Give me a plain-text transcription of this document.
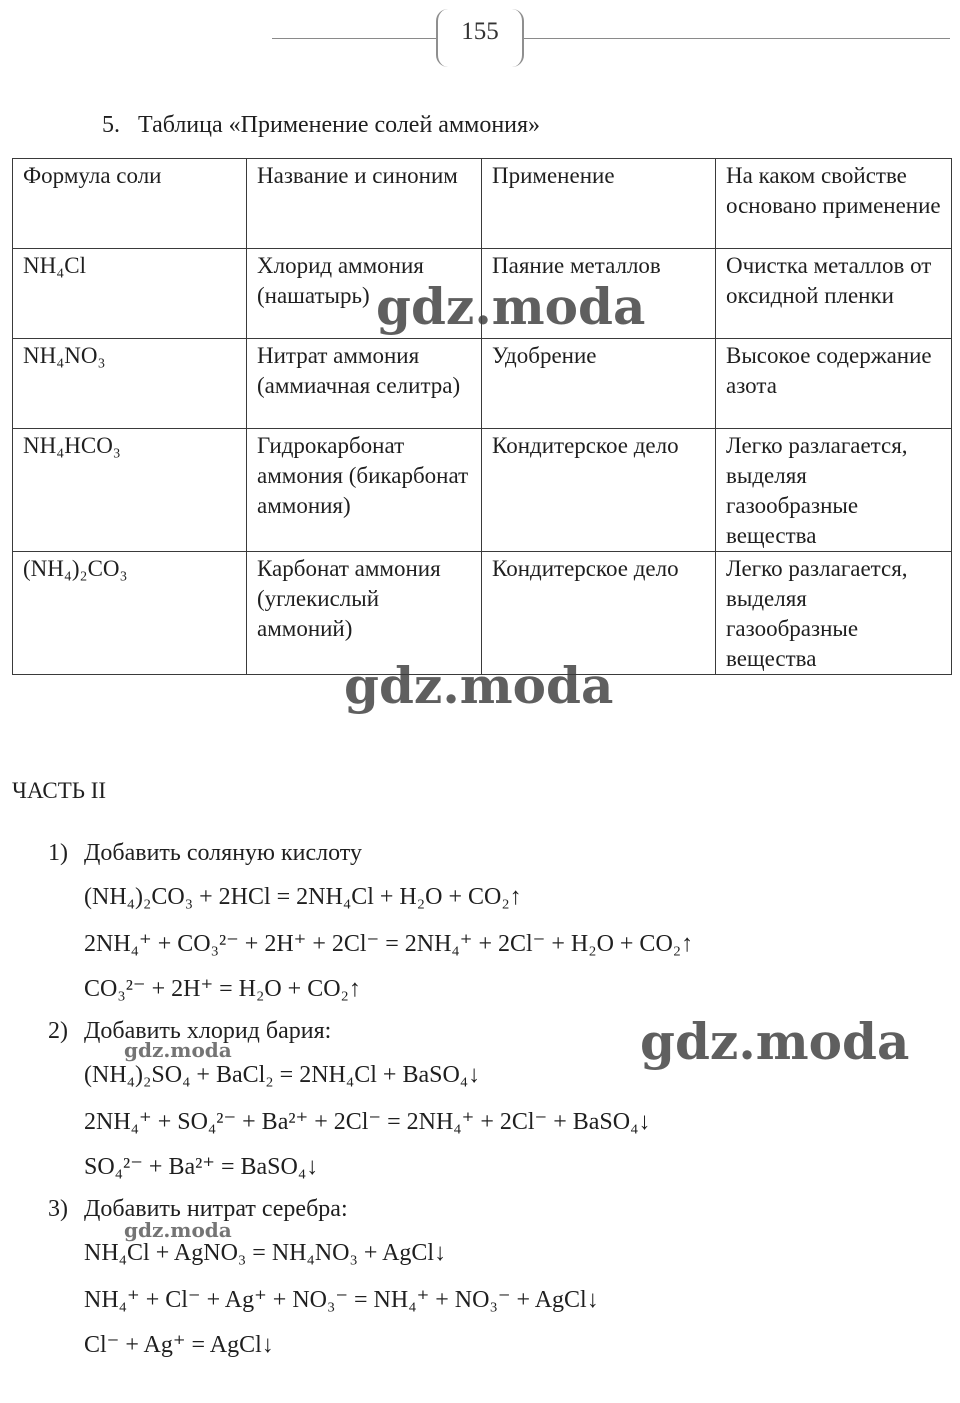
155
5. Таблица «Применение солей аммония»
Формула соли	Название и синоним	Применение	На каком свойстве основано применение
NH₄Cl	Хлорид аммония (нашатырь)	Паяние металлов	Очистка металлов от оксидной пленки
NH₄NO₃	Нитрат аммония (аммиачная селитра)	Удобрение	Высокое содержание азота
NH₄HCO₃	Гидрокарбонат аммония (бикарбонат аммония)	Кондитерское дело	Легко разлагается, выделяя газообразные вещества
(NH₄)₂CO₃	Карбонат аммония (углекислый аммоний)	Кондитерское дело	Легко разлагается, выделяя газообразные вещества
ЧАСТЬ II
1) Добавить соляную кислоту
(NH₄)₂CO₃ + 2HCl = 2NH₄Cl + H₂O + CO₂↑
2NH₄⁺ + CO₃²⁻ + 2H⁺ + 2Cl⁻ = 2NH₄⁺ + 2Cl⁻ + H₂O + CO₂↑
CO₃²⁻ + 2H⁺ = H₂O + CO₂↑
2) Добавить хлорид бария:
(NH₄)₂SO₄ + BaCl₂ = 2NH₄Cl + BaSO₄↓
2NH₄⁺ + SO₄²⁻ + Ba²⁺ + 2Cl⁻ = 2NH₄⁺ + 2Cl⁻ + BaSO₄↓
SO₄²⁻ + Ba²⁺ = BaSO₄↓
3) Добавить нитрат серебра:
NH₄Cl + AgNO₃ = NH₄NO₃ + AgCl↓
NH₄⁺ + Cl⁻ + Ag⁺ + NO₃⁻ = NH₄⁺ + NO₃⁻ + AgCl↓
Cl⁻ + Ag⁺ = AgCl↓
gdz.moda
gdz.moda
gdz.moda
gdz.moda
gdz.moda
